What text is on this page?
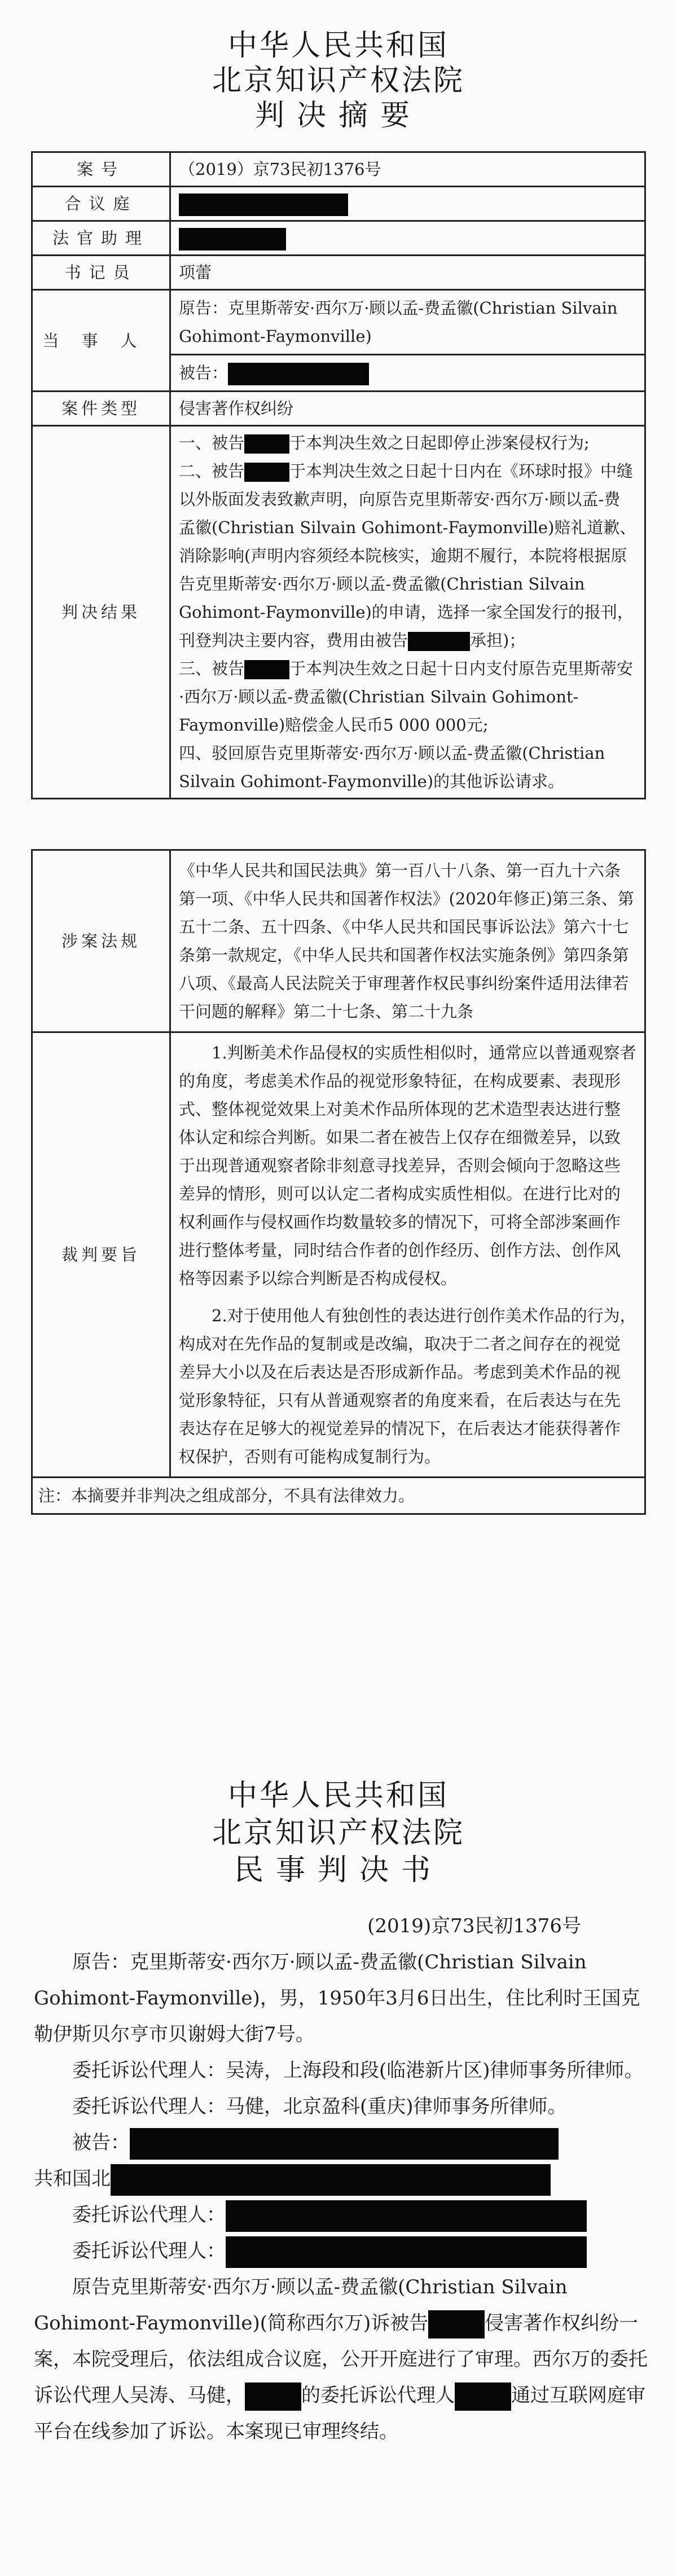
中华人民共和国
北京知识产权法院
判决摘要
案号	（2019）京73民初1376号
合议庭	
法官助理	
书记员	项蕾
当事人	原告：克里斯蒂安·西尔万·顾以孟-费孟徽(Christian Silvain Gohimont-Faymonville)
被告：

案件类型	侵害著作权纠纷
判决结果	一、被告 于本判决生效之日起即停止涉案侵权行为;
二、被告 于本判决生效之日起十日内在《环球时报》中缝以外版面发表致歉声明，向原告克里斯蒂安·西尔万·顾以孟-费孟徽(Christian Silvain Gohimont-Faymonville)赔礼道歉、消除影响(声明内容须经本院核实，逾期不履行，本院将根据原告克里斯蒂安·西尔万·顾以孟-费孟徽(Christian Silvain Gohimont-Faymonville)的申请，选择一家全国发行的报刊，刊登判决主要内容，费用由被告 承担)；
三、被告 于本判决生效之日起十日内支付原告克里斯蒂安·西尔万·顾以孟-费孟徽(Christian Silvain Gohimont-Faymonville)赔偿金人民币5 000 000元;
四、驳回原告克里斯蒂安·西尔万·顾以孟-费孟徽(Christian Silvain Gohimont-Faymonville)的其他诉讼请求。
涉案法规	《中华人民共和国民法典》第一百八十八条、第一百九十六条第一项、《中华人民共和国著作权法》(2020年修正)第三条、第五十二条、五十四条、《中华人民共和国民事诉讼法》第六十七条第一款规定，《中华人民共和国著作权法实施条例》第四条第八项、《最高人民法院关于审理著作权民事纠纷案件适用法律若干问题的解释》第二十七条、第二十九条
裁判要旨	1.判断美术作品侵权的实质性相似时，通常应以普通观察者的角度，考虑美术作品的视觉形象特征，在构成要素、表现形式、整体视觉效果上对美术作品所体现的艺术造型表达进行整体认定和综合判断。如果二者在被告上仅存在细微差异，以致于出现普通观察者除非刻意寻找差异，否则会倾向于忽略这些差异的情形，则可以认定二者构成实质性相似。在进行比对的权利画作与侵权画作均数量较多的情况下，可将全部涉案画作进行整体考量，同时结合作者的创作经历、创作方法、创作风格等因素予以综合判断是否构成侵权。
2.对于使用他人有独创性的表达进行创作美术作品的行为，构成对在先作品的复制或是改编，取决于二者之间存在的视觉差异大小以及在后表达是否形成新作品。考虑到美术作品的视觉形象特征，只有从普通观察者的角度来看，在后表达与在先表达存在足够大的视觉差异的情况下，在后表达才能获得著作权保护，否则有可能构成复制行为。

注：本摘要并非判决之组成部分，不具有法律效力。	
中华人民共和国
北京知识产权法院
民事判决书
(2019)京73民初1376号

原告：克里斯蒂安·西尔万·顾以孟-费孟徽(Christian Silvain Gohimont-Faymonville)，男，1950年3月6日出生，住比利时王国克勒伊斯贝尔亨市贝谢姆大街7号。

委托诉讼代理人：吴涛，上海段和段(临港新片区)律师事务所律师。

委托诉讼代理人：马健，北京盈科(重庆)律师事务所律师。

被告：

共和国北

委托诉讼代理人：

委托诉讼代理人：

原告克里斯蒂安·西尔万·顾以孟-费孟徽(Christian Silvain Gohimont-Faymonville)(简称西尔万)诉被告	侵害著作权纠纷一案，本院受理后，依法组成合议庭，公开开庭进行了审理。西尔万的委托诉讼代理人吴涛、马健，	的委托诉讼代理人	通过互联网庭审平台在线参加了诉讼。本案现已审理终结。
